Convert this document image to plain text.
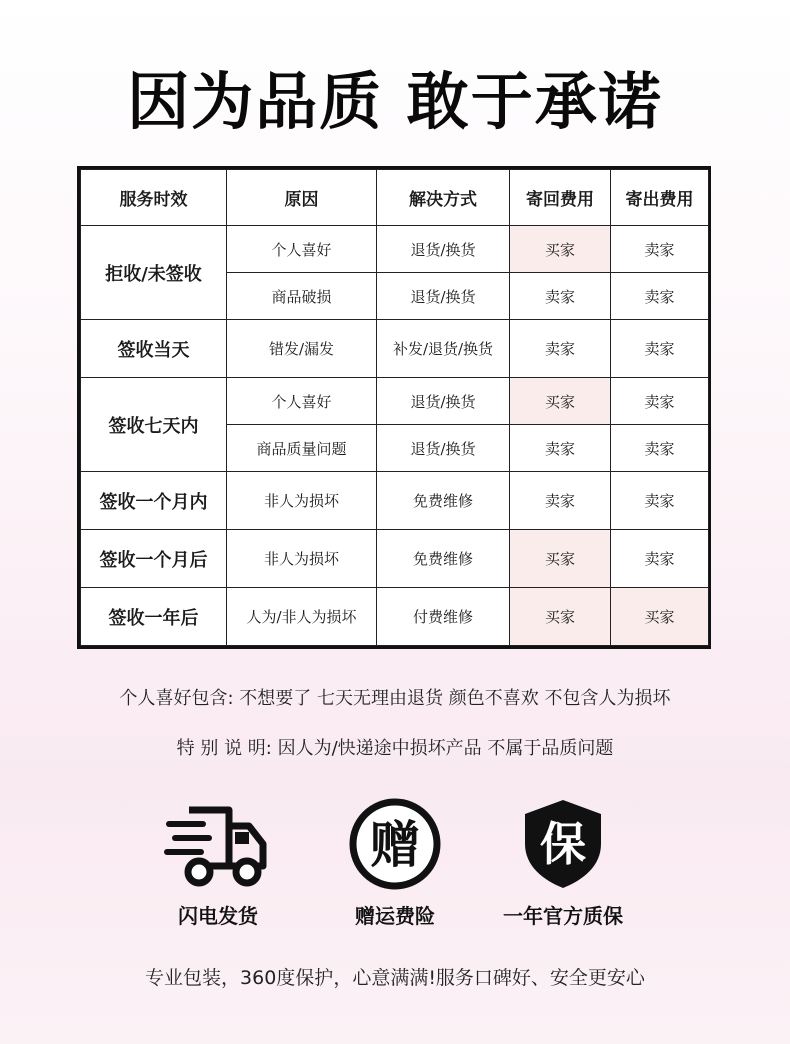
因为品质 敢于承诺
服务时效	原因	解决方式	寄回费用	寄出费用
拒收/未签收	个人喜好	退货/换货	买家	卖家
	商品破损	退货/换货	卖家	卖家
签收当天	错发/漏发	补发/退货/换货	卖家	卖家
签收七天内	个人喜好	退货/换货	买家	卖家
	商品质量问题	退货/换货	卖家	卖家
签收一个月内	非人为损坏	免费维修	卖家	卖家
签收一个月后	非人为损坏	免费维修	买家	卖家
签收一年后	人为/非人为损坏	付费维修	买家	买家
个人喜好包含: 不想要了 七天无理由退货 颜色不喜欢 不包含人为损坏
特 别 说 明: 因人为/快递途中损坏产品 不属于品质问题
闪电发货
赠
赠运费险
保
一年官方质保
专业包装，360度保护，心意满满!服务口碑好、安全更安心
